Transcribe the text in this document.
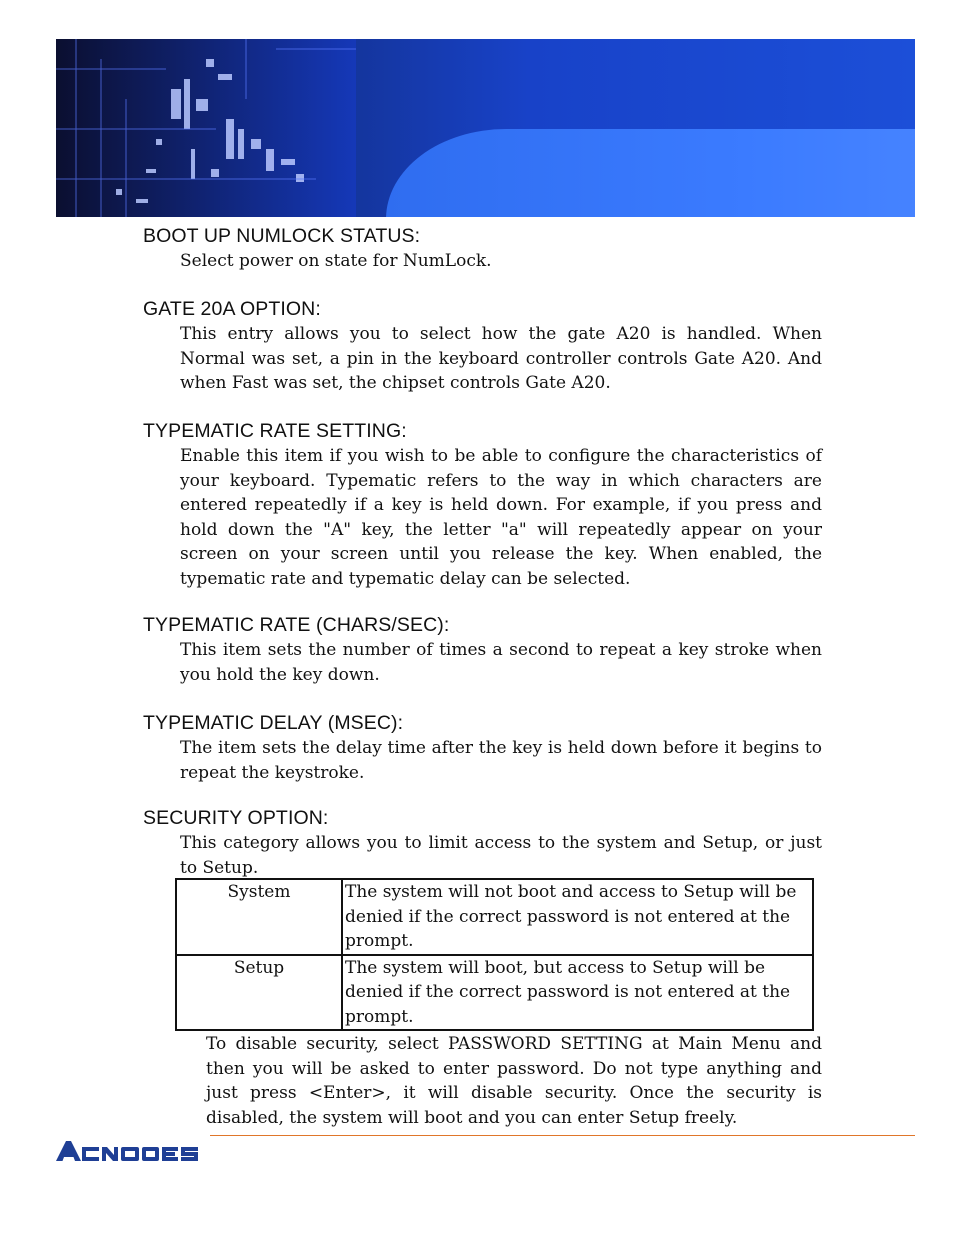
BOOT UP NUMLOCK STATUS:

Select power on state for NumLock.

GATE 20A OPTION:

This entry allows you to select how the gate A20 is handled. When Normal was set, a pin in the keyboard controller controls Gate A20. And when Fast was set, the chipset controls Gate A20.

TYPEMATIC RATE SETTING:

Enable this item if you wish to be able to configure the characteristics of your keyboard. Typematic refers to the way in which characters are entered repeatedly if a key is held down. For example, if you press and hold down the "A" key, the letter "a" will repeatedly appear on your screen on your screen until you release the key. When enabled, the typematic rate and typematic delay can be selected.

TYPEMATIC RATE (CHARS/SEC):

This item sets the number of times a second to repeat a key stroke when you hold the key down.

TYPEMATIC DELAY (MSEC):

The item sets the delay time after the key is held down before it begins to repeat the keystroke.

SECURITY OPTION:

This category allows you to limit access to the system and Setup, or just to Setup.

System	The system will not boot and access to Setup will be denied if the correct password is not entered at the prompt.
Setup	The system will boot, but access to Setup will be denied if the correct password is not entered at the prompt.

To disable security, select PASSWORD SETTING at Main Menu and then you will be asked to enter password. Do not type anything and just press <Enter>, it will disable security. Once the security is disabled, the system will boot and you can enter Setup freely.
